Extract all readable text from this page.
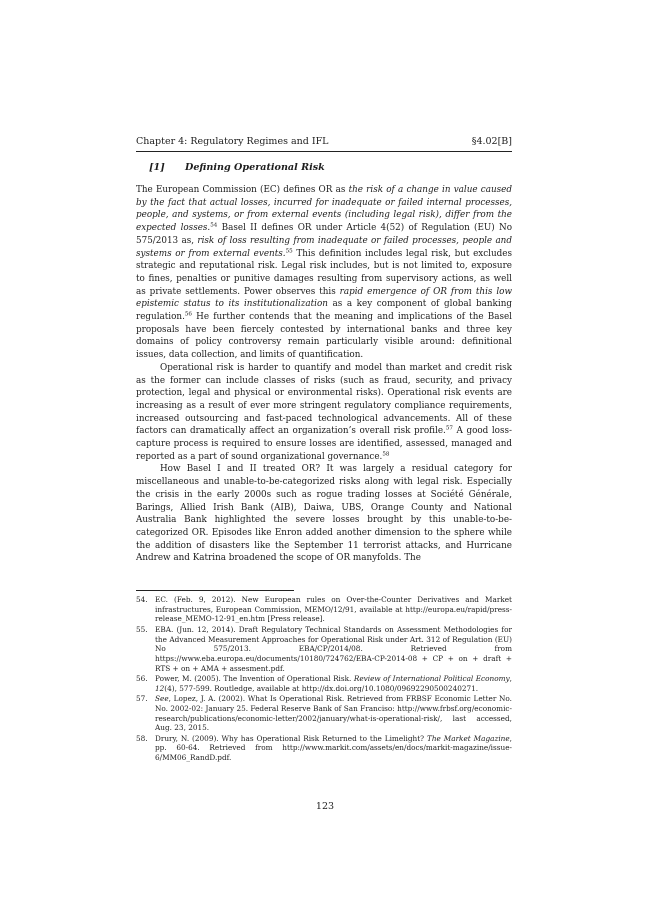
Chapter 4: Regulatory Regimes and IFL	§4.02[B]
[1] Defining Operational Risk

The European Commission (EC) defines OR as the risk of a change in value caused by the fact that actual losses, incurred for inadequate or failed internal processes, people, and systems, or from external events (including legal risk), differ from the expected losses.$^{54}$ Basel II defines OR under Article 4(52) of Regulation (EU) No 575/2013 as, risk of loss resulting from inadequate or failed processes, people and systems or from external events.$^{55}$ This definition includes legal risk, but excludes strategic and reputational risk. Legal risk includes, but is not limited to, exposure to fines, penalties or punitive damages resulting from supervisory actions, as well as private settlements. Power observes this rapid emergence of OR from this low epistemic status to its institutionalization as a key component of global banking regulation.$^{56}$ He further contends that the meaning and implications of the Basel proposals have been fiercely contested by international banks and three key domains of policy controversy remain particularly visible around: definitional issues, data collection, and limits of quantification.

Operational risk is harder to quantify and model than market and credit risk as the former can include classes of risks (such as fraud, security, and privacy protection, legal and physical or environmental risks). Operational risk events are increasing as a result of ever more stringent regulatory compliance requirements, increased outsourcing and fast-paced technological advancements. All of these factors can dramatically affect an organization’s overall risk profile.$^{57}$ A good loss-capture process is required to ensure losses are identified, assessed, managed and reported as a part of sound organizational governance.$^{58}$

How Basel I and II treated OR? It was largely a residual category for miscellaneous and unable-to-be-categorized risks along with legal risk. Especially the crisis in the early 2000s such as rogue trading losses at Société Générale, Barings, Allied Irish Bank (AIB), Daiwa, UBS, Orange County and National Australia Bank highlighted the severe losses brought by this unable-to-be-categorized OR. Episodes like Enron added another dimension to the sphere while the addition of disasters like the September 11 terrorist attacks, and Hurricane Andrew and Katrina broadened the scope of OR manyfolds. The

54.	EC. (Feb. 9, 2012). New European rules on Over-the-Counter Derivatives and Market infrastructures, European Commission, MEMO/12/91, available at http://europa.eu/rapid/press-release_MEMO-12-91_en.htm [Press release].
55.	EBA. (Jun. 12, 2014). Draft Regulatory Technical Standards on Assessment Methodologies for the Advanced Measurement Approaches for Operational Risk under Art. 312 of Regulation (EU) No 575/2013. EBA/CP/2014/08. Retrieved from https://www.eba.europa.eu/documents/10180/724762/EBA-CP-2014-08 + CP + on + draft + RTS + on + AMA + assesment.pdf.
56.	Power, M. (2005). The Invention of Operational Risk. Review of International Political Economy, 12(4), 577-599. Routledge, available at http://dx.doi.org/10.1080/09692290500240271.
57.	See, Lopez, J. A. (2002). What Is Operational Risk. Retrieved from FRBSF Economic Letter No. No. 2002-02: January 25. Federal Reserve Bank of San Franciso: http://www.frbsf.org/economic-research/publications/economic-letter/2002/january/what-is-operational-risk/, last accessed, Aug. 23, 2015.
58.	Drury, N. (2009). Why has Operational Risk Returned to the Limelight? The Market Magazine, pp. 60-64. Retrieved from http://www.markit.com/assets/en/docs/markit-magazine/issue-6/MM06_RandD.pdf.
123
